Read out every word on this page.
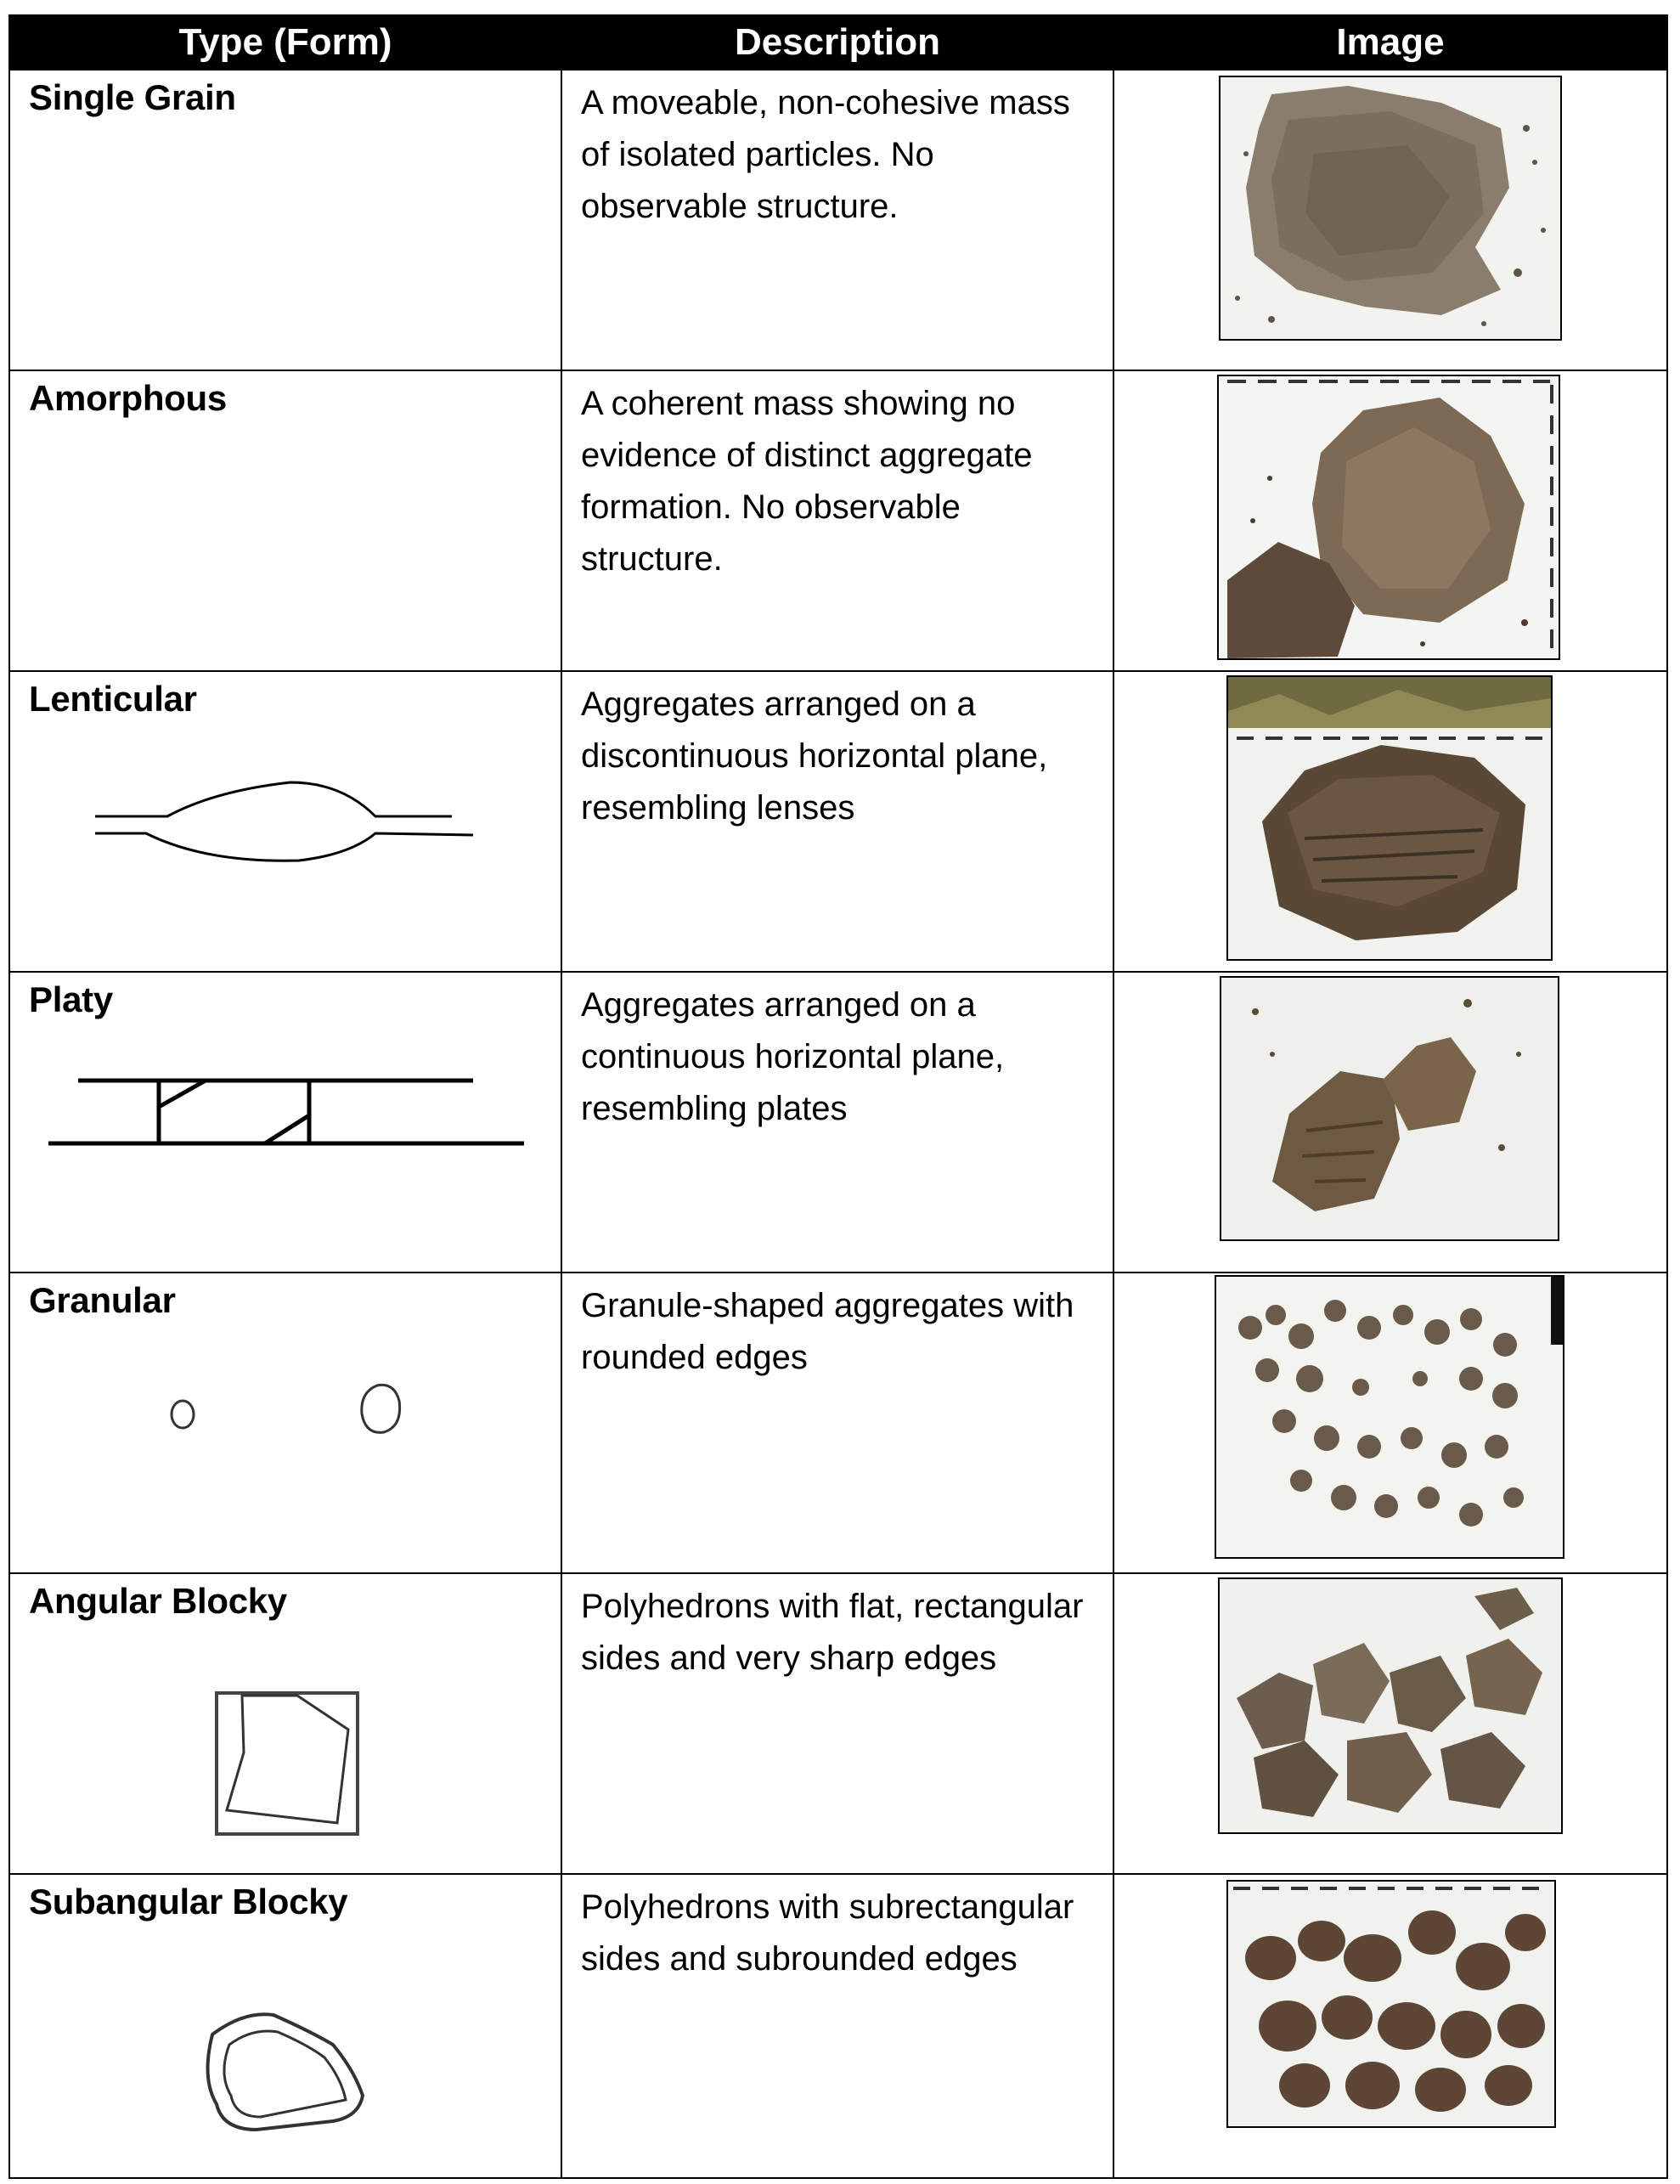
Type (Form)	Description	Image

Single Grain	A moveable, non-cohesive mass of isolated particles. No observable structure.

Amorphous	A coherent mass showing no evidence of distinct aggregate formation. No observable structure.

Lenticular	Aggregates arranged on a discontinuous horizontal plane, resembling lenses

Platy	Aggregates arranged on a continuous horizontal plane, resembling plates

Granular	Granule-shaped aggregates with rounded edges

Angular Blocky	Polyhedrons with flat, rectangular sides and very sharp edges

Subangular Blocky	Polyhedrons with subrectangular sides and subrounded edges
